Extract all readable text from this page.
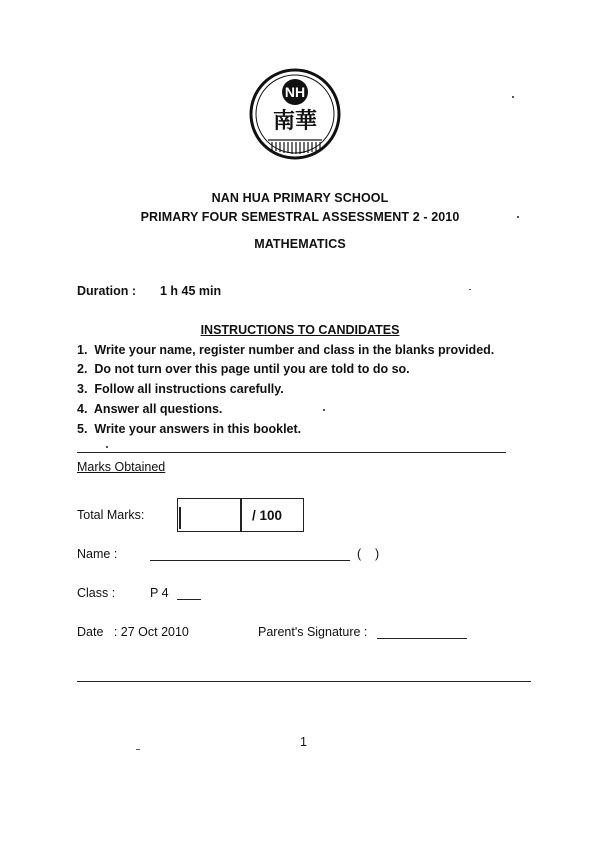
NH
南華
NAN HUA PRIMARY SCHOOL
PRIMARY FOUR SEMESTRAL ASSESSMENT 2 - 2010
MATHEMATICS
Duration : 1 h 45 min
INSTRUCTIONS TO CANDIDATES
1.  Write your name, register number and class in the blanks provided.
2.  Do not turn over this page until you are told to do so.
3.  Follow all instructions carefully.
4.  Answer all questions.
5.  Write your answers in this booklet.
Marks Obtained
Total Marks:	/ 100
Name :	(    )
Class :	P 4
Date   : 27 Oct 2010	Parent's Signature :
1
